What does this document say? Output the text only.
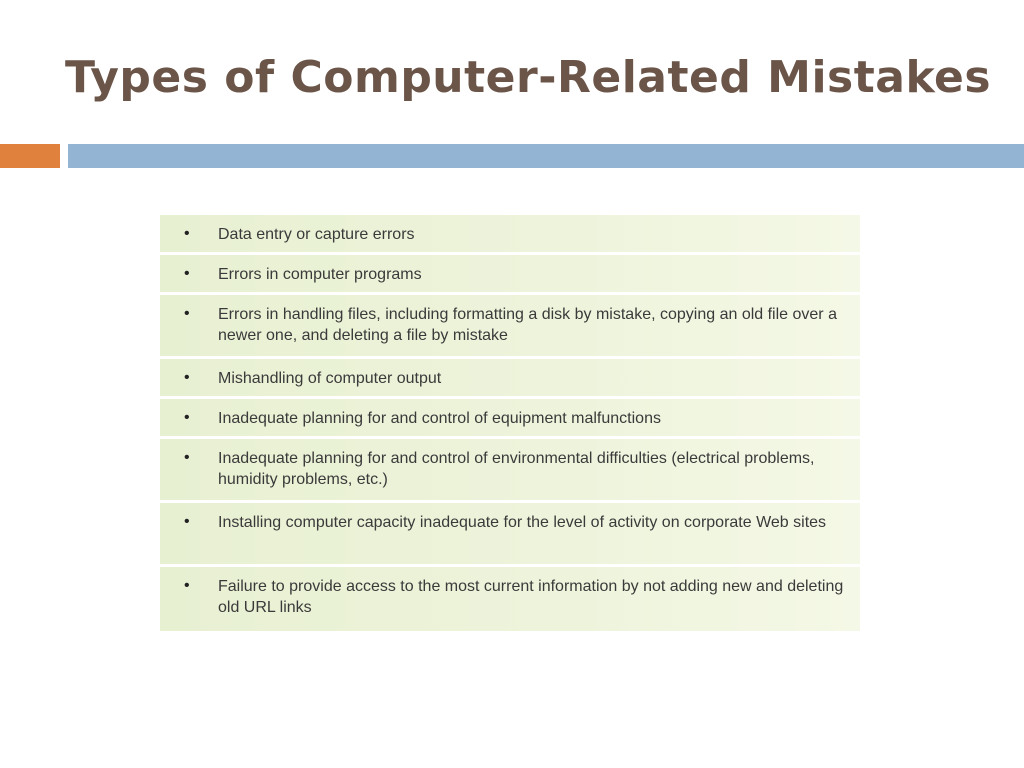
Types of Computer-Related Mistakes
• Data entry or capture errors
• Errors in computer programs
• Errors in handling files, including formatting a disk by mistake, copying an old file over a newer one, and deleting a file by mistake
• Mishandling of computer output
• Inadequate planning for and control of equipment malfunctions
• Inadequate planning for and control of environmental difficulties (electrical problems, humidity problems, etc.)
• Installing computer capacity inadequate for the level of activity on corporate Web sites
• Failure to provide access to the most current information by not adding new and deleting old URL links
